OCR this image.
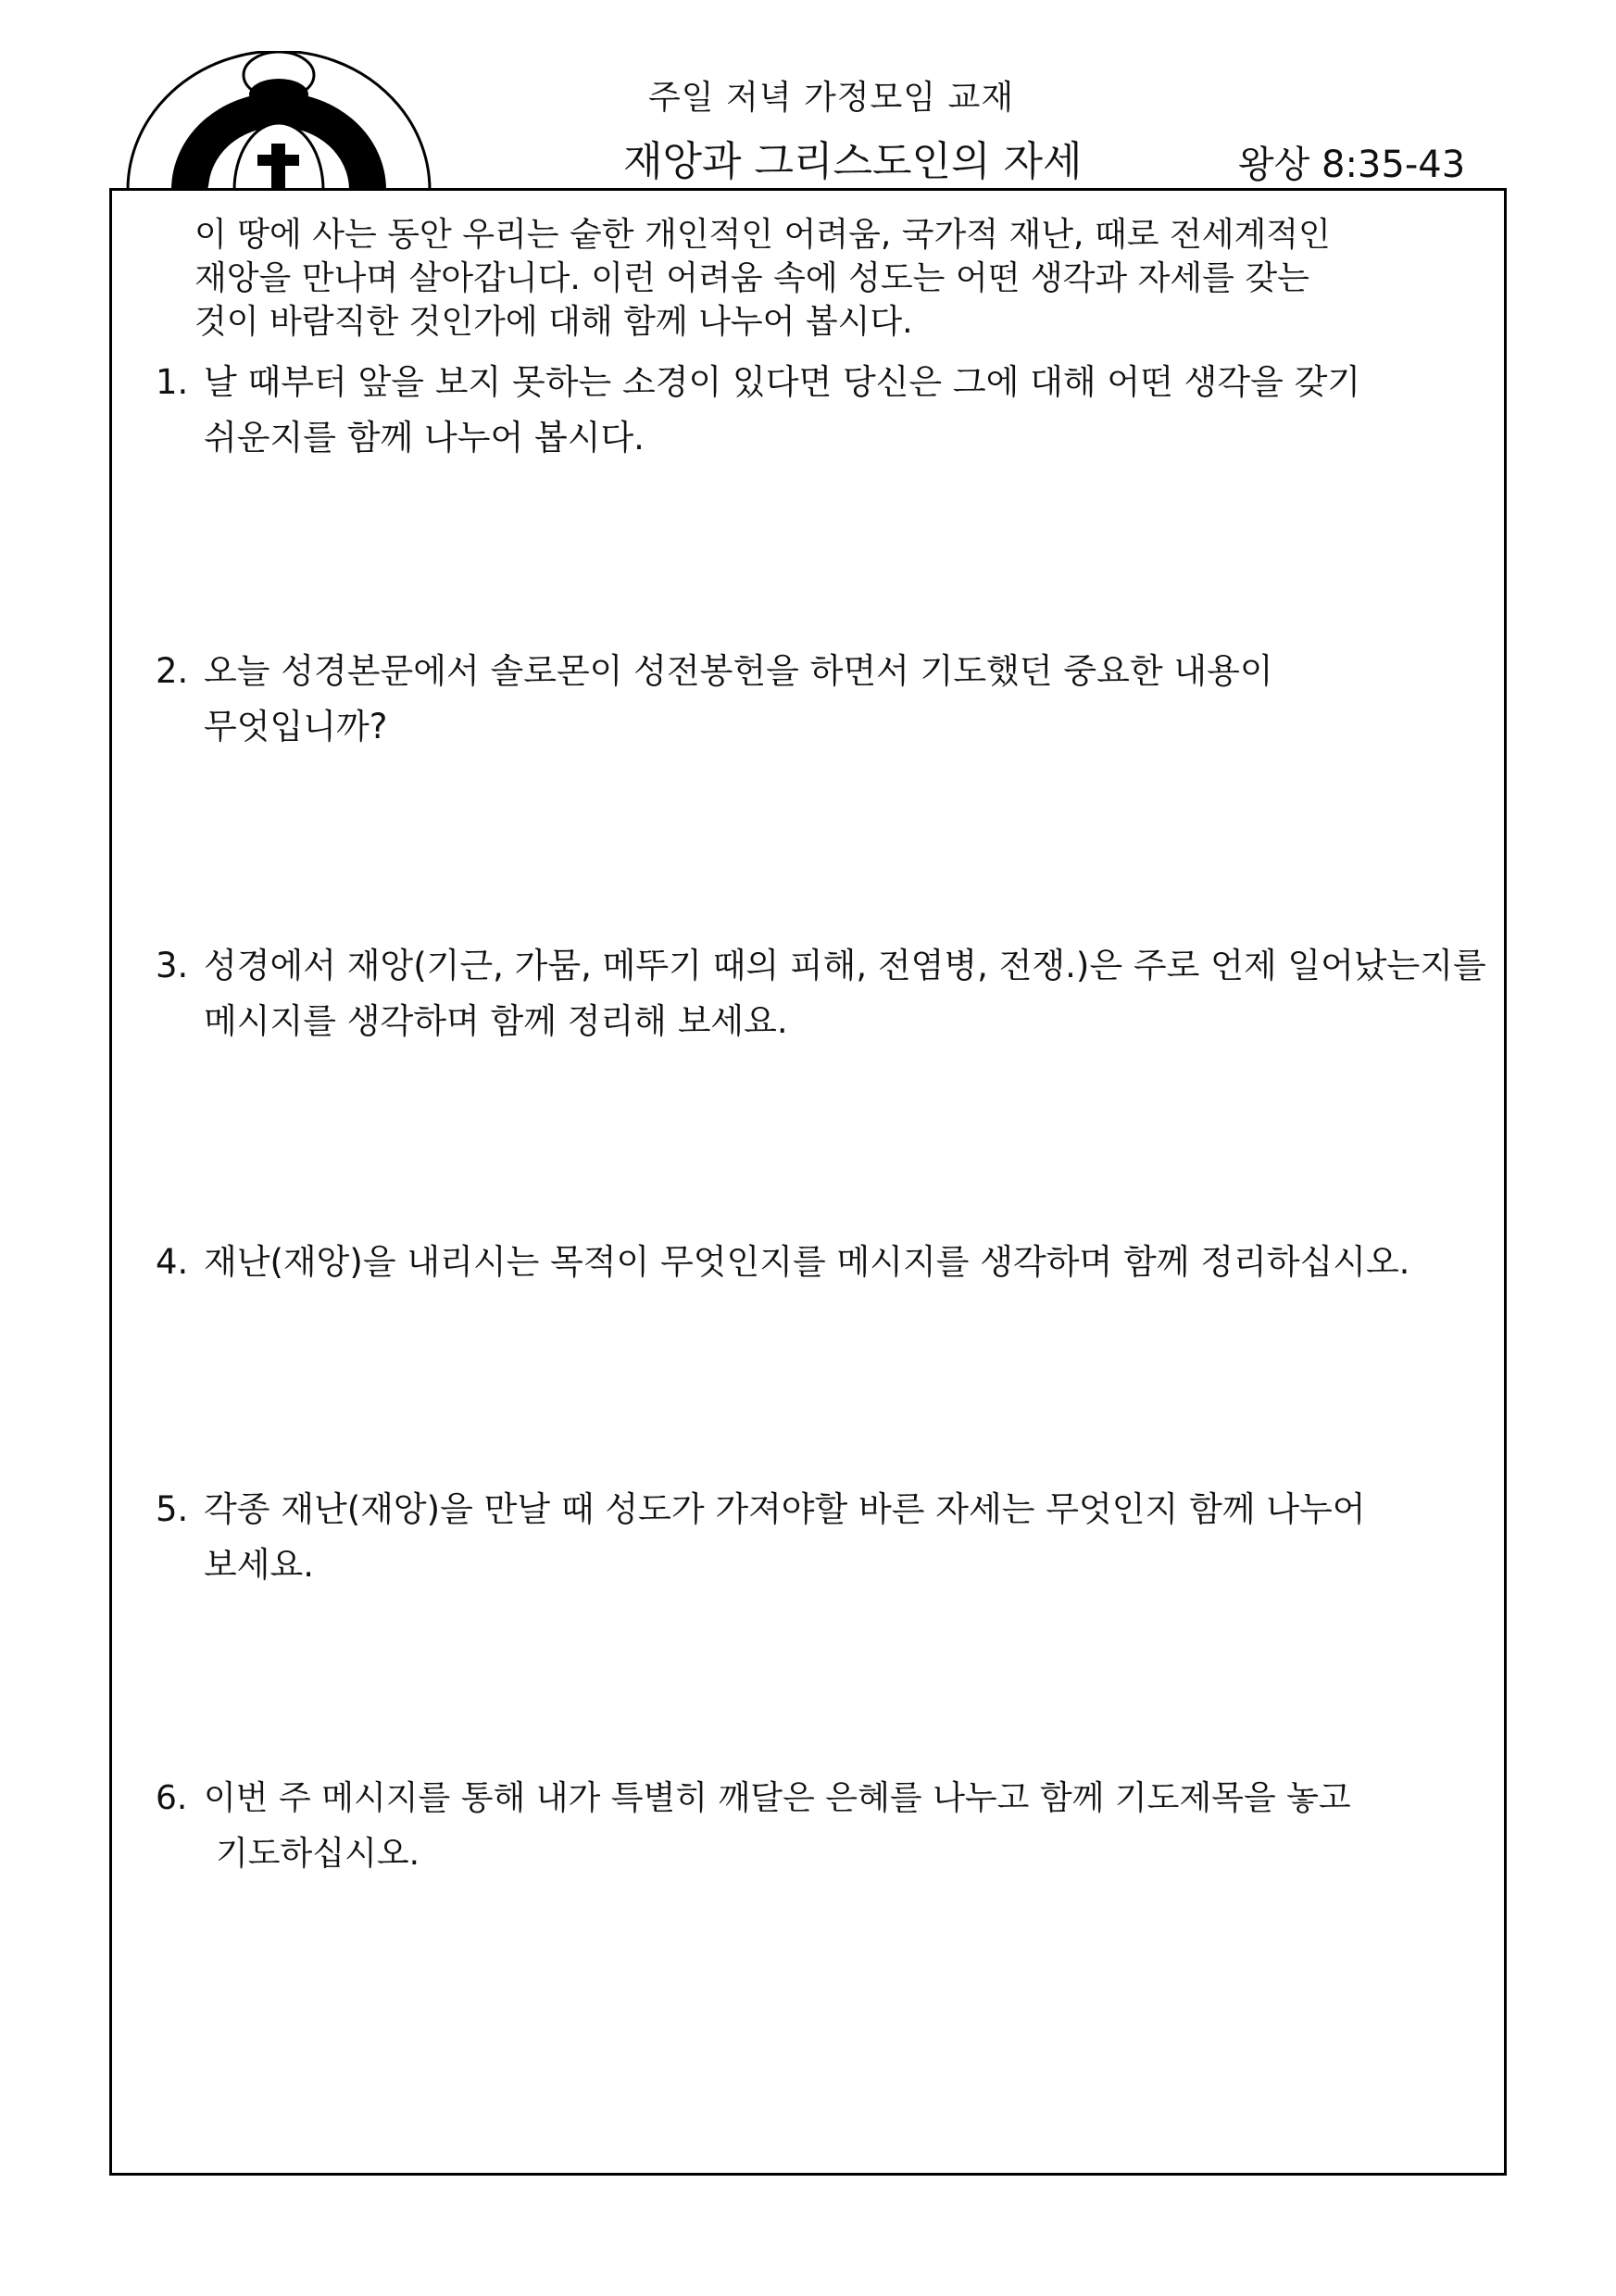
주일 저녁 가정모임 교재
재앙과 그리스도인의 자세	왕상 8:35-43
이 땅에 사는 동안 우리는 숱한 개인적인 어려움, 국가적 재난, 때로 전세계적인
재앙을 만나며 살아갑니다. 이런 어려움 속에 성도는 어떤 생각과 자세를 갖는
것이 바람직한 것인가에 대해 함께 나누어 봅시다.
1. 날 때부터 앞을 보지 못하는 소경이 있다면 당신은 그에 대해 어떤 생각을 갖기
쉬운지를 함께 나누어 봅시다.
2. 오늘 성경본문에서 솔로몬이 성전봉헌을 하면서 기도했던 중요한 내용이
무엇입니까?
3. 성경에서 재앙(기근, 가뭄, 메뚜기 때의 피해, 전염병, 전쟁.)은 주로 언제 일어났는지를
메시지를 생각하며 함께 정리해 보세요.
4. 재난(재앙)을 내리시는 목적이 무엇인지를 메시지를 생각하며 함께 정리하십시오.
5. 각종 재난(재앙)을 만날 때 성도가 가져야할 바른 자세는 무엇인지 함께 나누어
보세요.
6. 이번 주 메시지를 통해 내가 특별히 깨달은 은혜를 나누고 함께 기도제목을 놓고
기도하십시오.
